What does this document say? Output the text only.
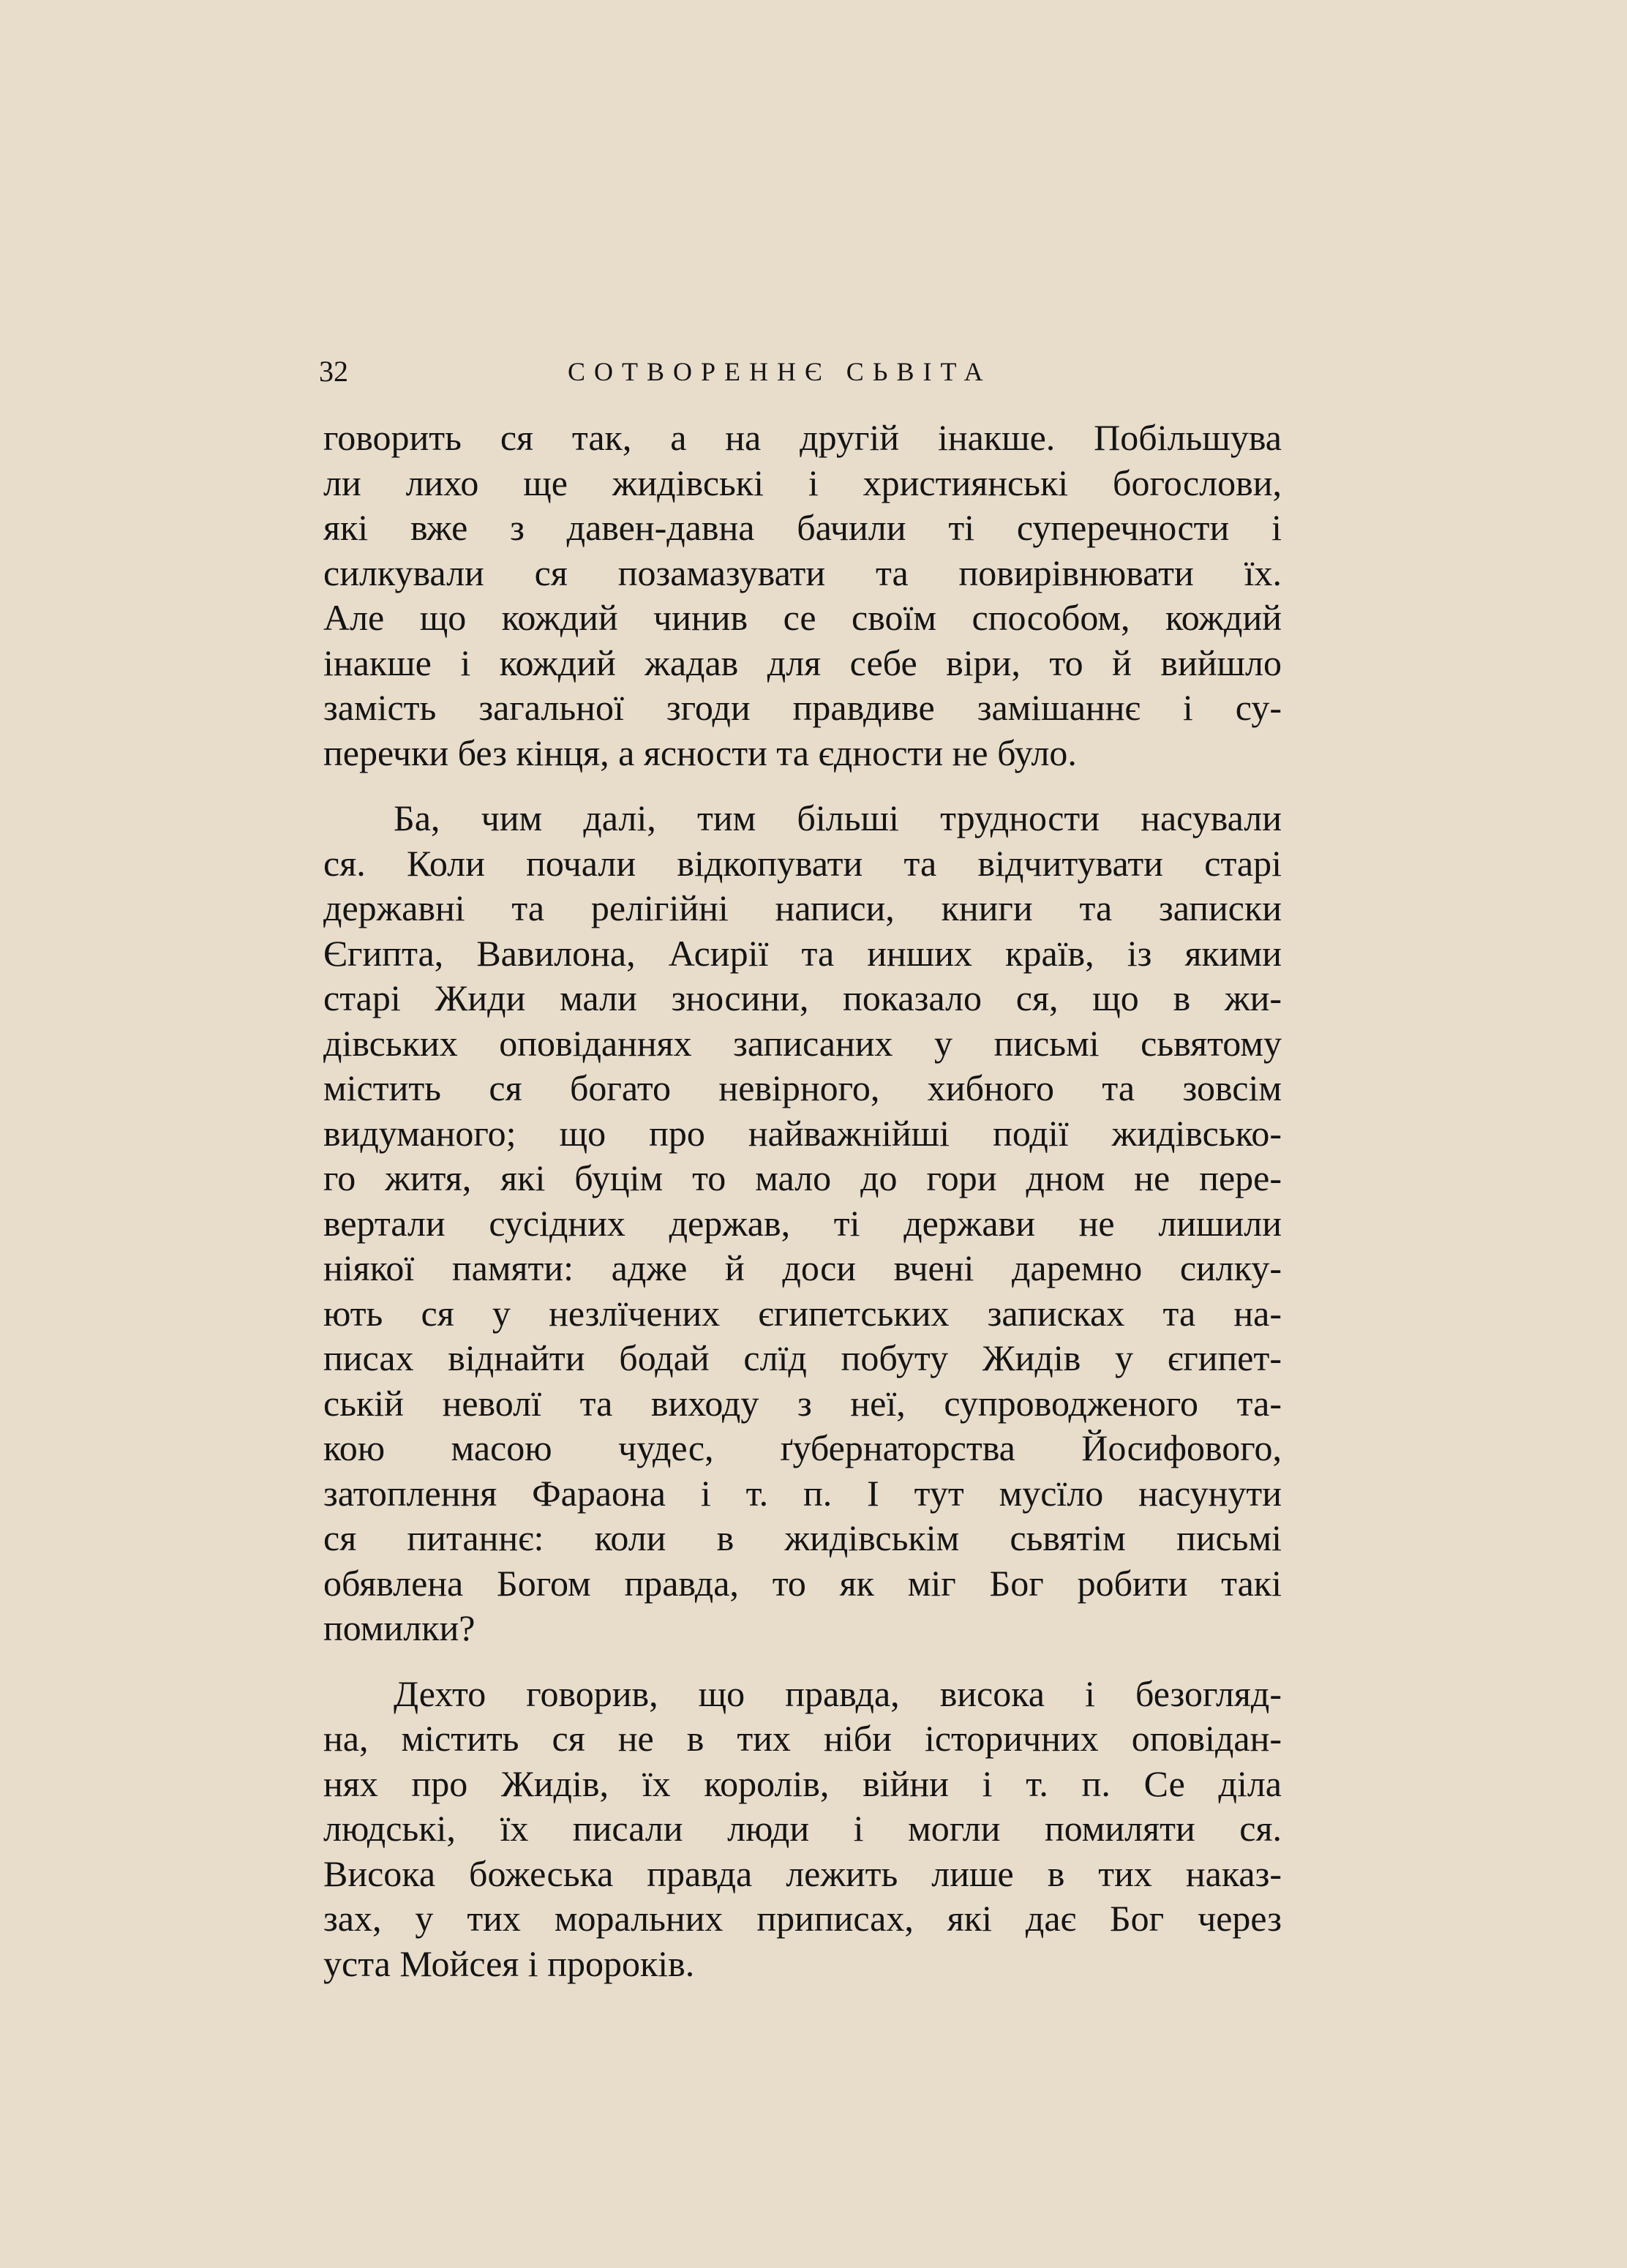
32	СОТВОРЕННЄ СЬВІТА
говорить ся так, а на другій інакше. Побільшува
ли лихо ще жидівські і християнські богослови,
які вже з давен-давна бачили ті суперечности і
силкували ся позамазувати та повирівнювати їх.
Але що кождий чинив се своїм способом, кождий
інакше і кождий жадав для себе віри, то й вийшло
замість загальної згоди правдиве замішаннє і су-
перечки без кінця, а ясности та єдности не було.
Ба, чим далі, тим більші трудности насували
ся. Коли почали відкопувати та відчитувати старі
державні та релігійні написи, книги та записки
Єгипта, Вавилона, Асирії та инших країв, із якими
старі Жиди мали зносини, показало ся, що в жи-
дівських оповіданнях записаних у письмі сьвятому
містить ся богато невірного, хибного та зовсім
видуманого; що про найважнійші події жидівсько-
го житя, які буцім то мало до гори дном не пере-
вертали сусідних держав, ті держави не лишили
ніякої памяти: адже й доси вчені даремно силку-
ють ся у незлїчених єгипетських записках та на-
писах віднайти бодай слїд побуту Жидів у єгипет-
ській неволї та виходу з неї, супроводженого та-
кою масою чудес, ґубернаторства Йосифового,
затоплення Фараона і т. п. І тут мусїло насунути
ся питаннє: коли в жидівськім сьвятім письмі
обявлена Богом правда, то як міг Бог робити такі
помилки?
Дехто говорив, що правда, висока і безогляд-
на, містить ся не в тих ніби історичних оповідан-
нях про Жидів, їх королів, війни і т. п. Се діла
людські, їх писали люди і могли помиляти ся.
Висока божеська правда лежить лише в тих наказ-
зах, у тих моральних приписах, які дає Бог через
уста Мойсея і пророків.
